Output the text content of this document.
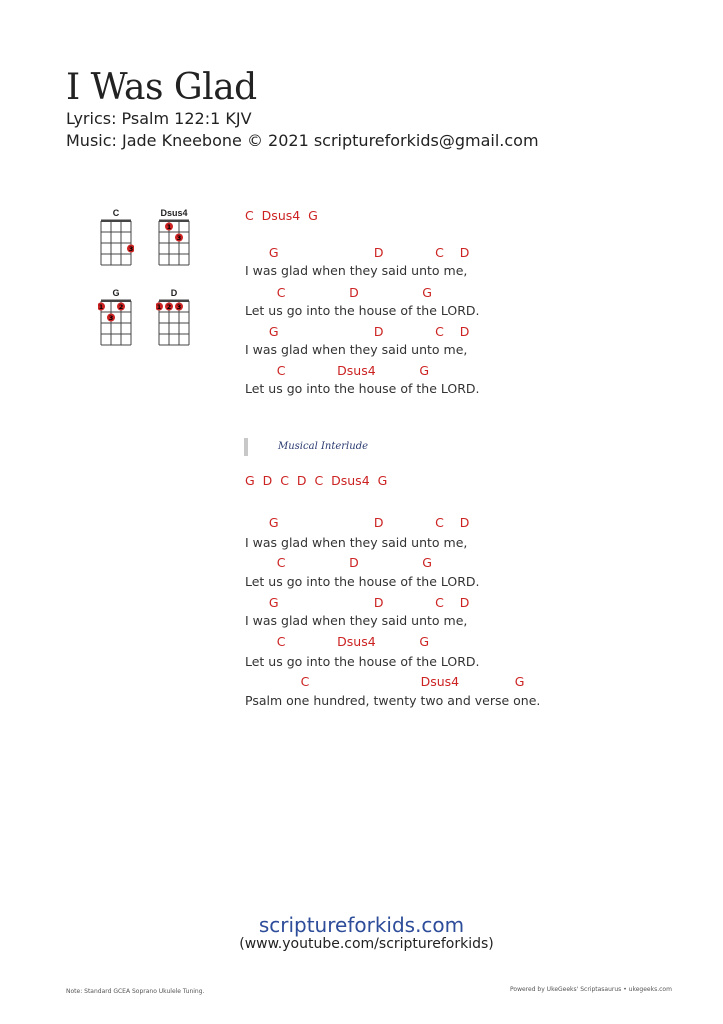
I Was Glad
Lyrics: Psalm 122:1 KJV
Music: Jade Kneebone © 2021 scriptureforkids@gmail.com
C
3
Dsus4
1
3
G
1 2
3
D
1 2 3
C  Dsus4  G
G                        D             C    D
I was glad when they said unto me,
C                D                G
Let us go into the house of the LORD.
G                        D             C    D
I was glad when they said unto me,
C             Dsus4           G
Let us go into the house of the LORD.
G  D  C  D  C  Dsus4  G
G                        D             C    D
I was glad when they said unto me,
C                D                G
Let us go into the house of the LORD.
G                        D             C    D
I was glad when they said unto me,
C             Dsus4           G
Let us go into the house of the LORD.
C                            Dsus4              G
Psalm one hundred, twenty two and verse one.
Musical Interlude
scriptureforkids.com
(www.youtube.com/scriptureforkids)
Note: Standard GCEA Soprano Ukulele Tuning.	Powered by UkeGeeks' Scriptasaurus • ukegeeks.com
